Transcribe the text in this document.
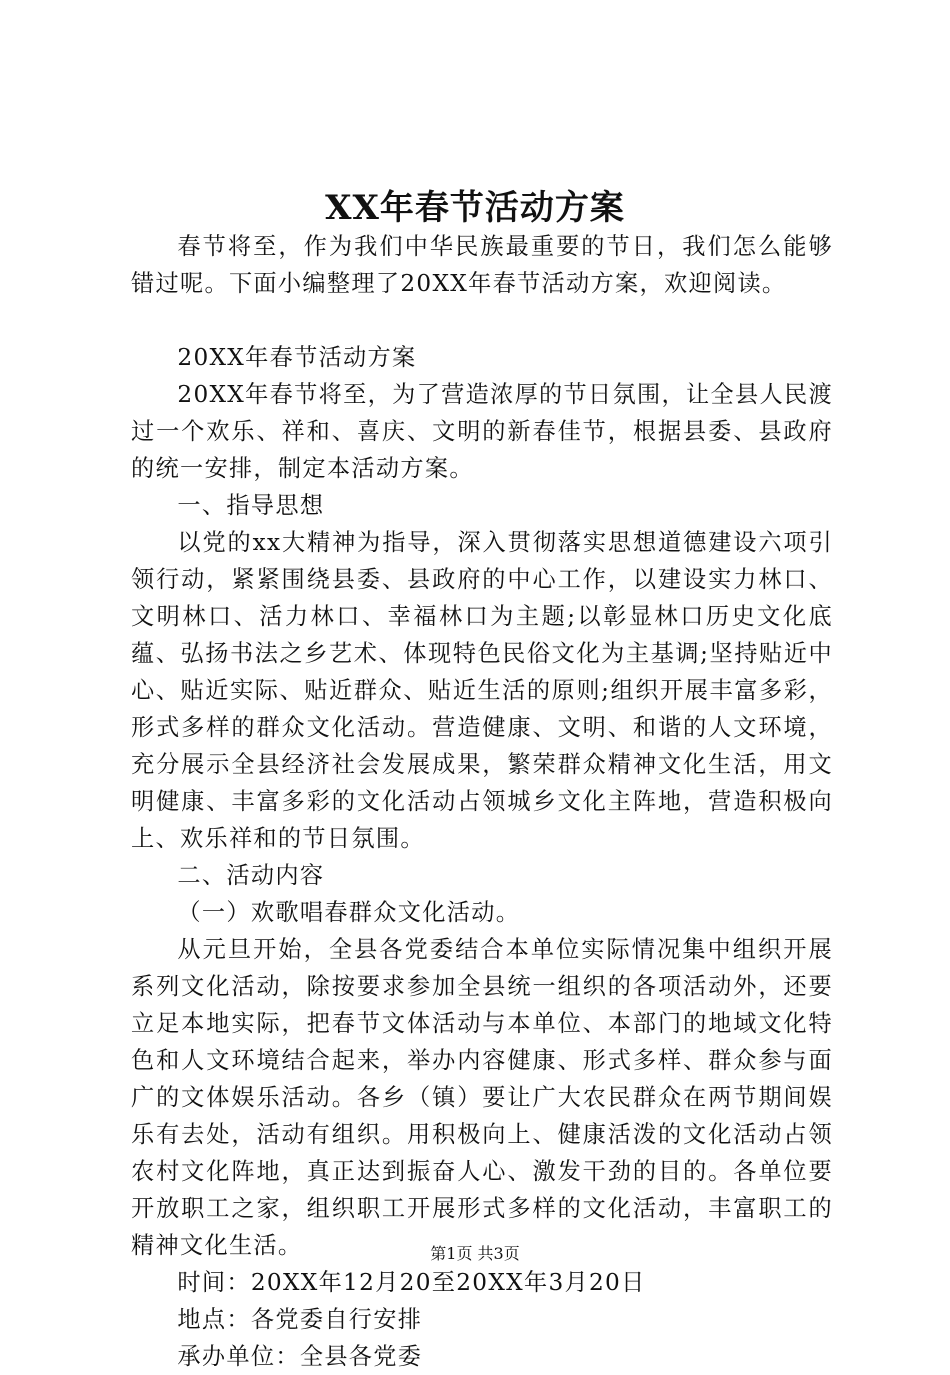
XX年春节活动方案

春节将至，作为我们中华民族最重要的节日，我们怎么能够错过呢。下面小编整理了20XX年春节活动方案，欢迎阅读。

20XX年春节活动方案

20XX年春节将至，为了营造浓厚的节日氛围，让全县人民渡过一个欢乐、祥和、喜庆、文明的新春佳节，根据县委、县政府的统一安排，制定本活动方案。

一、指导思想

以党的xx大精神为指导，深入贯彻落实思想道德建设六项引领行动，紧紧围绕县委、县政府的中心工作，以建设实力林口、文明林口、活力林口、幸福林口为主题;以彰显林口历史文化底蕴、弘扬书法之乡艺术、体现特色民俗文化为主基调;坚持贴近中心、贴近实际、贴近群众、贴近生活的原则;组织开展丰富多彩，形式多样的群众文化活动。营造健康、文明、和谐的人文环境，充分展示全县经济社会发展成果，繁荣群众精神文化生活，用文明健康、丰富多彩的文化活动占领城乡文化主阵地，营造积极向上、欢乐祥和的节日氛围。

二、活动内容

（一）欢歌唱春群众文化活动。

从元旦开始，全县各党委结合本单位实际情况集中组织开展系列文化活动，除按要求参加全县统一组织的各项活动外，还要立足本地实际，把春节文体活动与本单位、本部门的地域文化特色和人文环境结合起来，举办内容健康、形式多样、群众参与面广的文体娱乐活动。各乡（镇）要让广大农民群众在两节期间娱乐有去处，活动有组织。用积极向上、健康活泼的文化活动占领农村文化阵地，真正达到振奋人心、激发干劲的目的。各单位要开放职工之家，组织职工开展形式多样的文化活动，丰富职工的精神文化生活。

时间：20XX年12月20至20XX年3月20日

地点：各党委自行安排

承办单位：全县各党委

第1页 共3页
